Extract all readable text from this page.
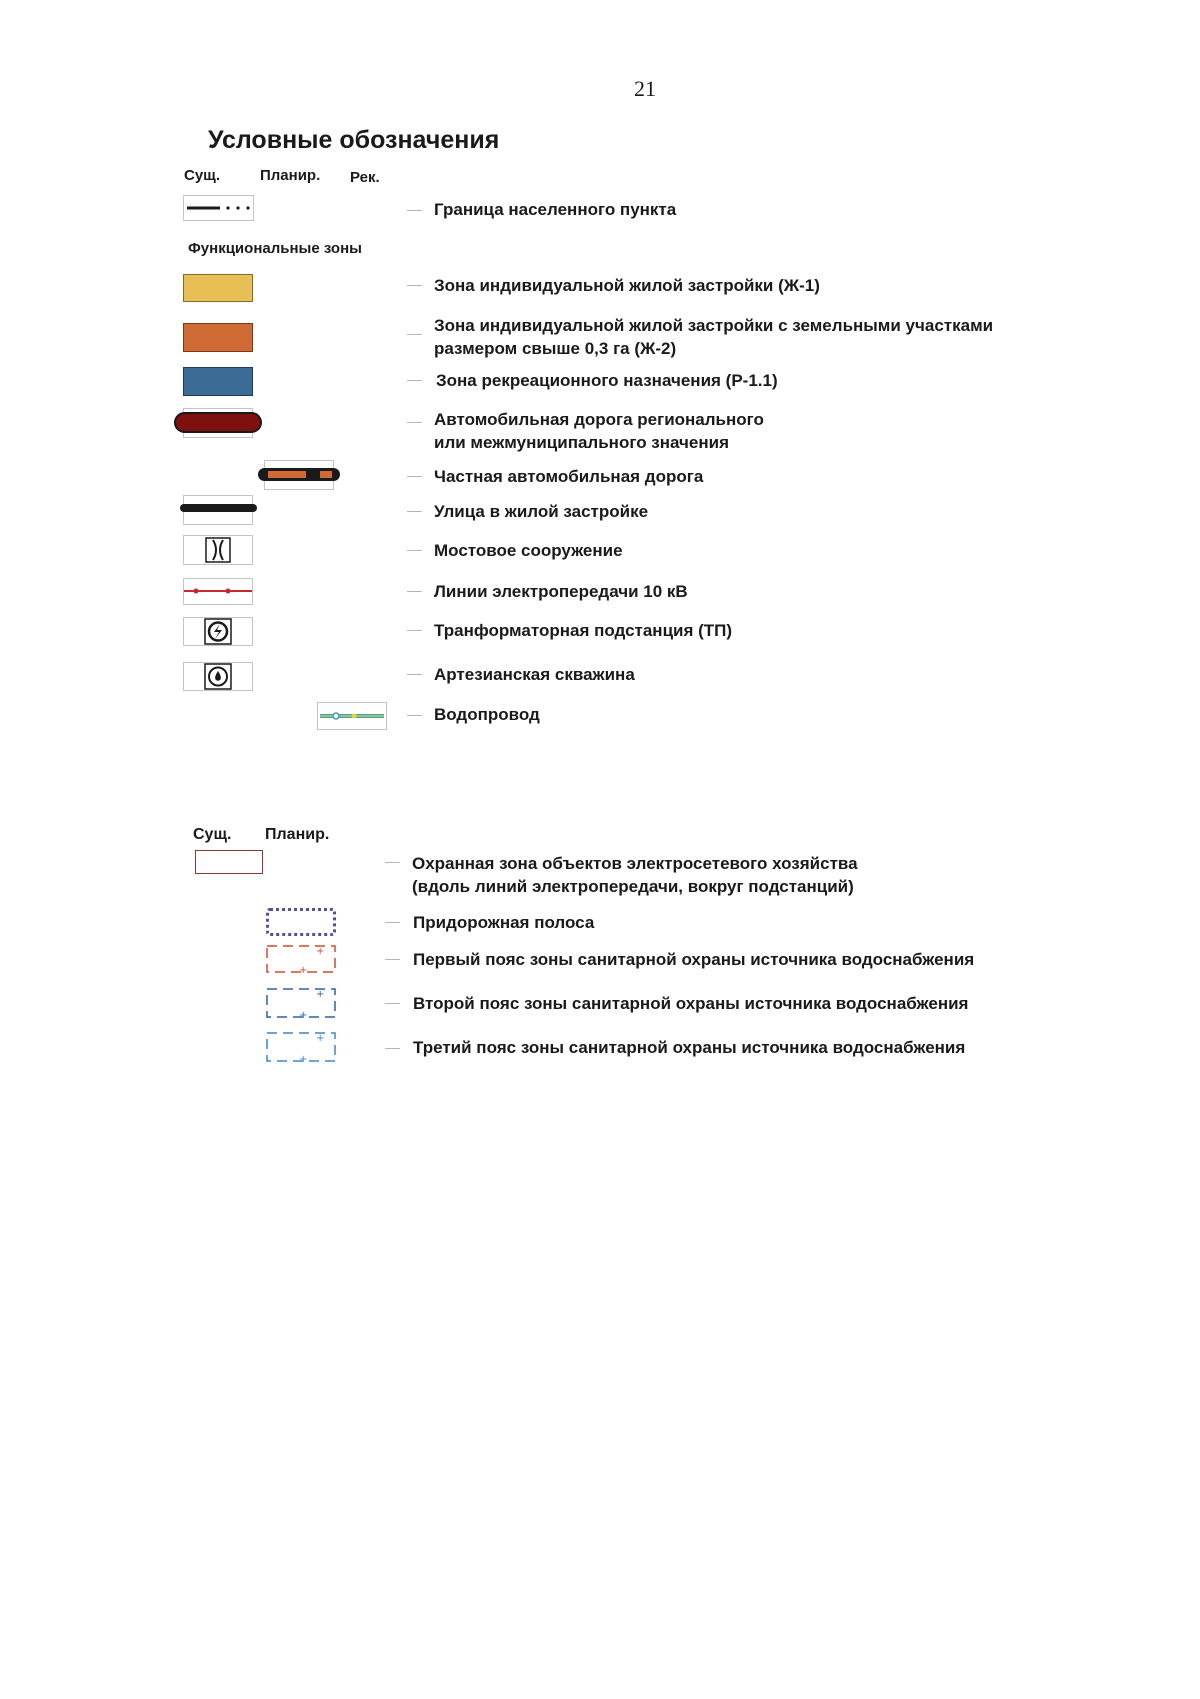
21
Условные обозначения
Сущ.	Планир. Рек.
Граница населенного пункта
Функциональные зоны
Зона индивидуальной жилой застройки (Ж-1)
Зона индивидуальной жилой застройки с земельными участками
размером свыше 0,3 га (Ж-2)
Зона рекреационного назначения (Р-1.1)
Автомобильная дорога регионального
или межмуниципального значения
Частная автомобильная дорога
Улица в жилой застройке
Мостовое сооружение
Линии электропередачи 10 кВ
Транформаторная подстанция (ТП)
Артезианская скважина
Водопровод
Сущ. Планир.
Охранная зона объектов электросетевого хозяйства
(вдоль линий электропередачи, вокруг подстанций)
Придорожная полоса
+
+
Первый пояс зоны санитарной охраны источника водоснабжения
+
+
Второй пояс зоны санитарной охраны источника водоснабжения
+
+
Третий пояс зоны санитарной охраны источника водоснабжения
